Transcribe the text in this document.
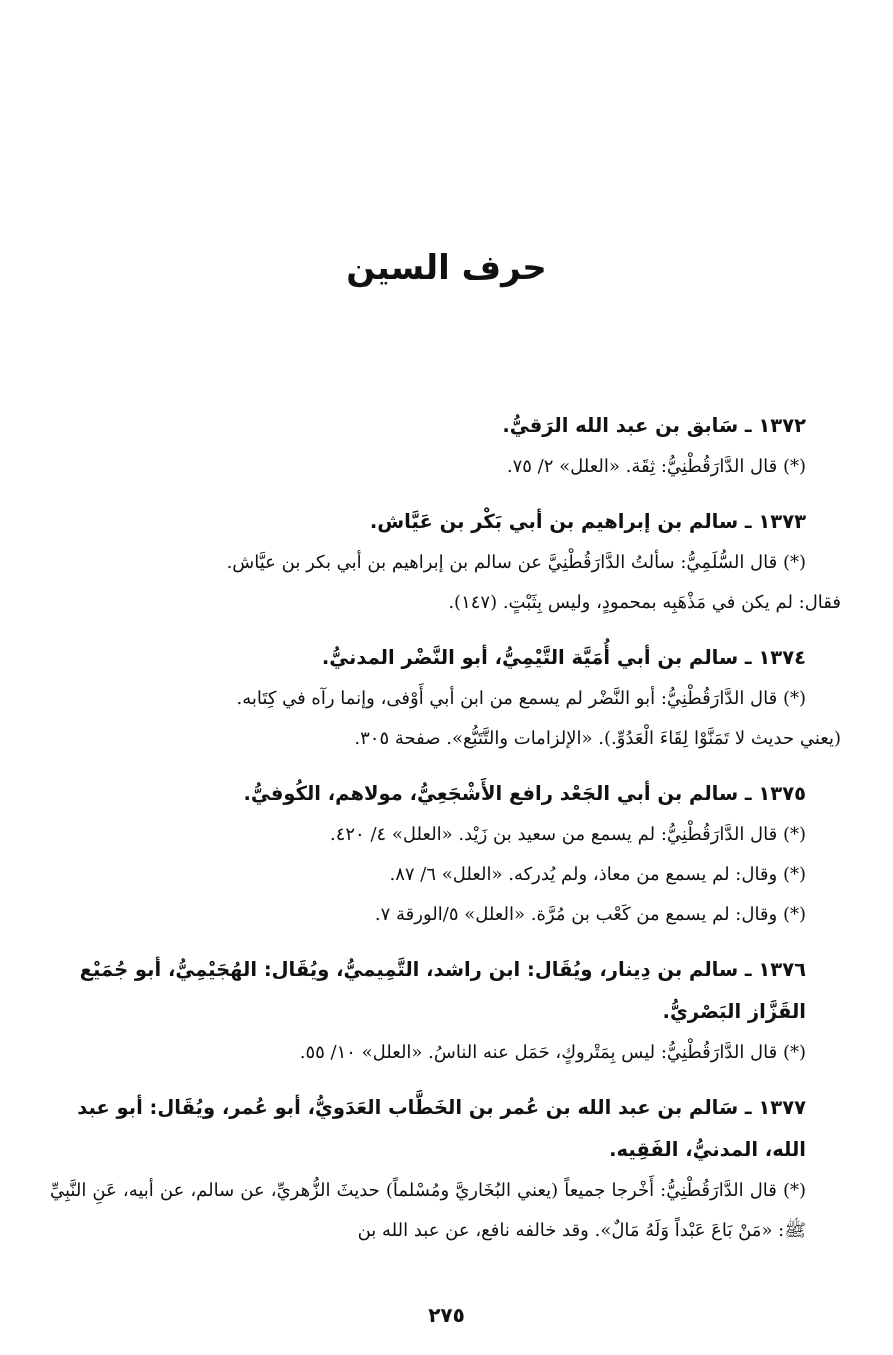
حرف السين
١٣٧٢ ـ سَابق بن عبد الله الرَقيُّ.
(*) قال الدَّارَقُطْنِيُّ: ثِقَة. «العلل» ٢/ ٧٥.
١٣٧٣ ـ سالم بن إبراهيم بن أبي بَكْر بن عَيَّاش.
(*) قال السُّلَمِيُّ: سألتُ الدَّارَقُطْنِيَّ عن سالم بن إبراهيم بن أبي بكر بن عيَّاش.
فقال: لم يكن في مَذْهَبِه بمحمودٍ، وليس بِثَبْتٍ. (١٤٧).
١٣٧٤ ـ سالم بن أبي أُمَيَّة التَّيْمِيُّ، أبو النَّضْر المدنيُّ.
(*) قال الدَّارَقُطْنِيُّ: أبو النَّضْر لم يسمع من ابن أبي أَوْفى، وإنما رآه في كِتَابه.
(يعني حديث لا تَمَنَّوْا لِقَاءَ الْعَدُوِّ.). «الإلزامات والتَّتَبُّع». صفحة ٣٠٥.
١٣٧٥ ـ سالم بن أبي الجَعْد رافع الأَشْجَعِيُّ، مولاهم، الكُوفيُّ.
(*) قال الدَّارَقُطْنِيُّ: لم يسمع من سعيد بن زَيْد. «العلل» ٤/ ٤٢٠.
(*) وقال: لم يسمع من معاذ، ولم يُدركه. «العلل» ٦/ ٨٧.
(*) وقال: لم يسمع من كَعْب بن مُرَّة. «العلل» ٥/الورقة ٧.
١٣٧٦ ـ سالم بن دِينار، ويُقَال: ابن راشد، التَّمِيميُّ، ويُقَال: الهُجَيْمِيُّ، أبو جُمَيْع القَزَّاز البَصْريُّ.
(*) قال الدَّارَقُطْنِيُّ: ليس بِمَتْروكٍ، حَمَل عنه الناسُ. «العلل» ١٠/ ٥٥.
١٣٧٧ ـ سَالم بن عبد الله بن عُمر بن الخَطَّاب العَدَويُّ، أبو عُمر، ويُقَال: أبو عبد الله، المدنيُّ، الفَقِيه.
(*) قال الدَّارَقُطْنِيُّ: أَخْرجا جميعاً (يعني البُخَاريَّ ومُسْلماً) حديثَ الزُّهريِّ، عن سالم، عن أبيه، عَنِ النَّبِيِّ ﷺ: «مَنْ بَاعَ عَبْداً وَلَهُ مَالٌ». وقد خالفه نافع، عن عبد الله بن
٢٧٥
